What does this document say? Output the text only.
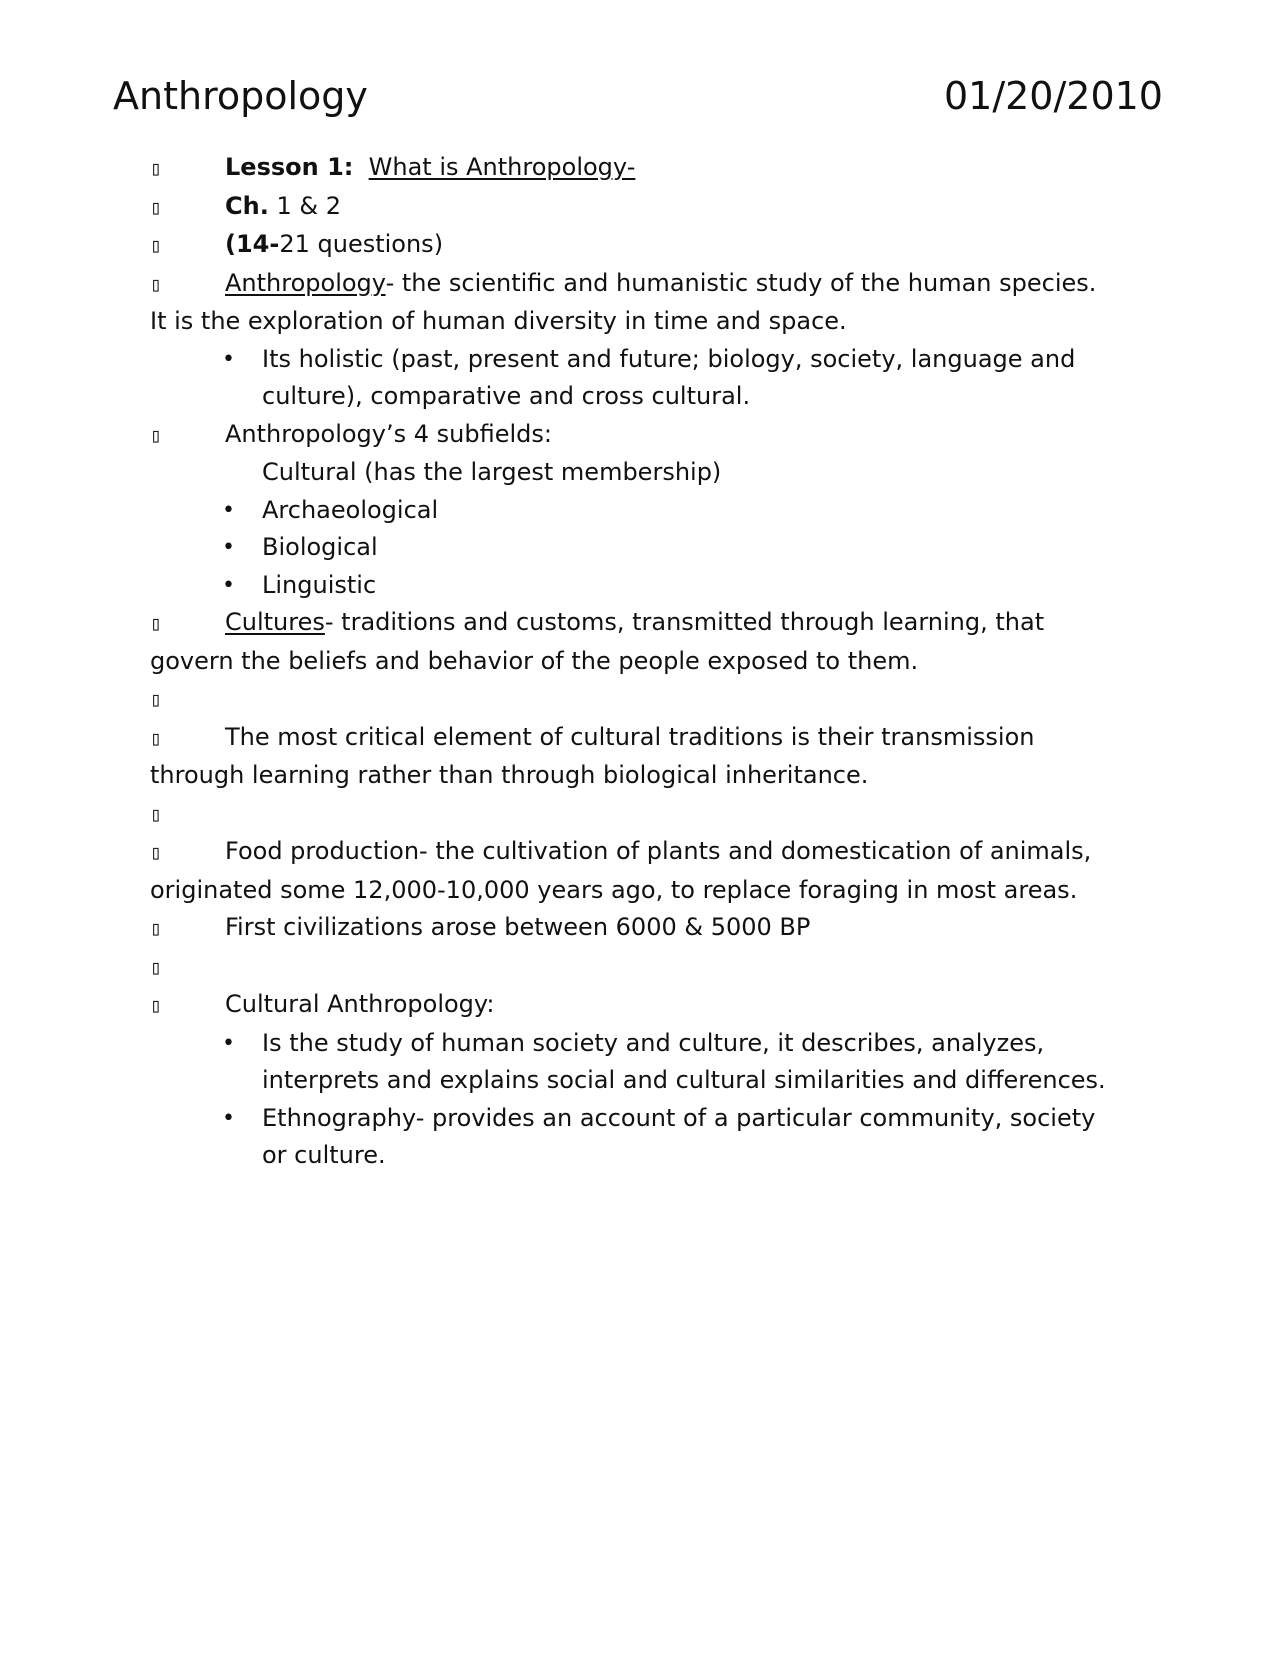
Anthropology	01/20/2010
▯	Lesson 1: What is Anthropology-
▯	Ch. 1 & 2
▯	(14-21 questions)
▯	Anthropology- the scientific and humanistic study of the human species. It is the exploration of human diversity in time and space.
• Its holistic (past, present and future; biology, society, language and culture), comparative and cross cultural.
▯	Anthropology’s 4 subfields:
Cultural (has the largest membership)
• Archaeological
• Biological
• Linguistic
▯	Cultures- traditions and customs, transmitted through learning, that govern the beliefs and behavior of the people exposed to them.
▯
▯	The most critical element of cultural traditions is their transmission through learning rather than through biological inheritance.
▯
▯	Food production- the cultivation of plants and domestication of animals, originated some 12,000-10,000 years ago, to replace foraging in most areas.
▯	First civilizations arose between 6000 & 5000 BP
▯
▯	Cultural Anthropology:
• Is the study of human society and culture, it describes, analyzes, interprets and explains social and cultural similarities and differences.
• Ethnography- provides an account of a particular community, society or culture.
